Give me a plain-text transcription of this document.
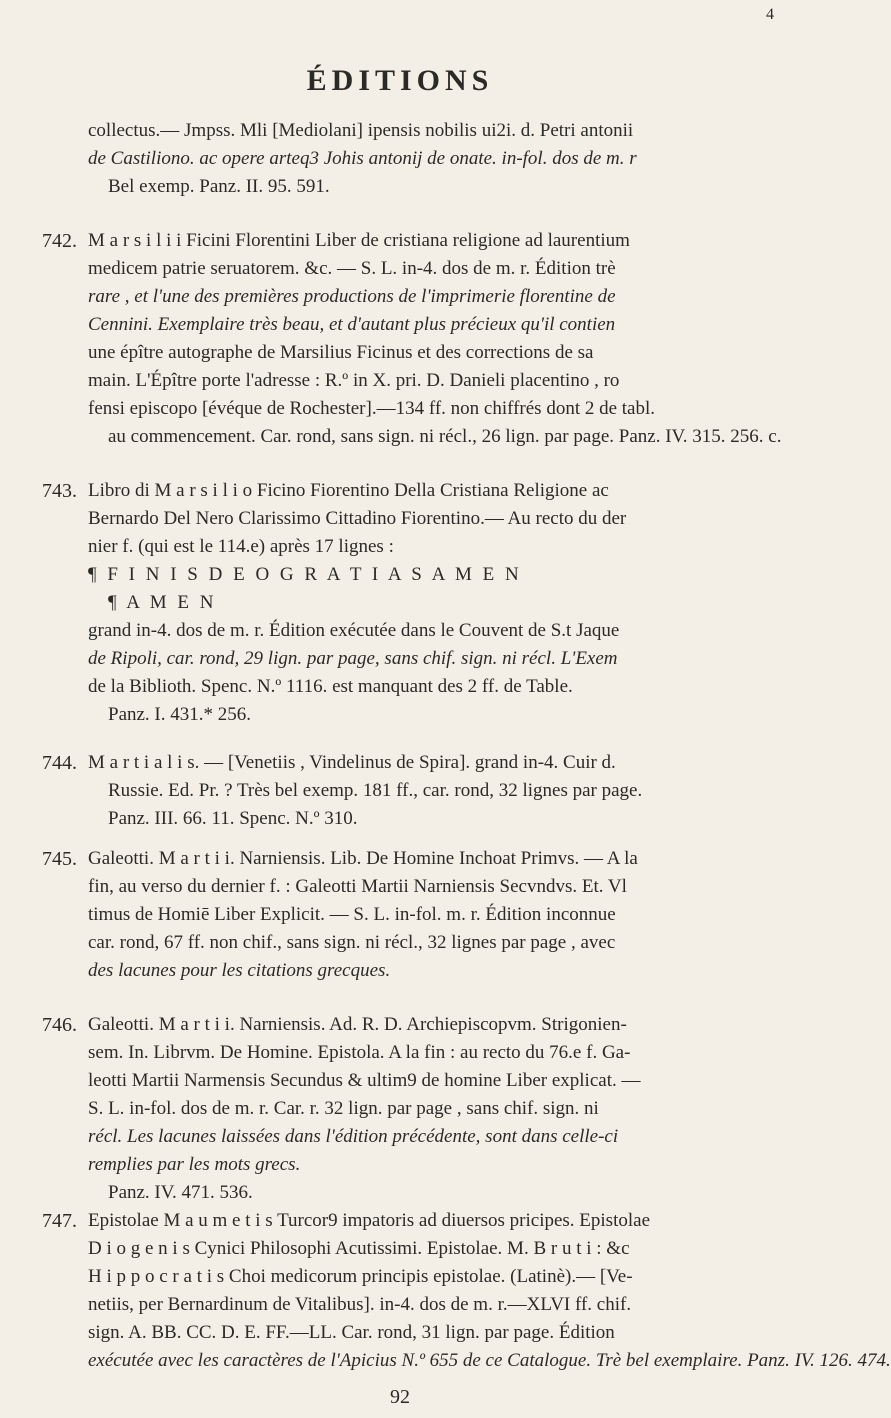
4
ÉDITIONS
collectus.— Jmpss. Mli [Mediolani] ipensis nobilis ui2i. d. Petri antonii
de Castiliono. ac opere arteq3 Johis antonij de onate. in-fol. dos de m. r
Bel exemp. Panz. II. 95. 591.
742. M a r s i l i i Ficini Florentini Liber de cristiana religione ad laurentium
medicem patrie seruatorem. &c. — S. L. in-4. dos de m. r. Édition trè
rare , et l'une des premières productions de l'imprimerie florentine de
Cennini. Exemplaire très beau, et d'autant plus précieux qu'il contien
une épître autographe de Marsilius Ficinus et des corrections de sa
main. L'Épître porte l'adresse : R.º in X. pri. D. Danieli placentino , ro
fensi episcopo [évéque de Rochester].—134 ff. non chiffrés dont 2 de tabl.
au commencement. Car. rond, sans sign. ni récl., 26 lign. par page. Panz. IV. 315. 256. c.
743. Libro di M a r s i l i o Ficino Fiorentino Della Cristiana Religione ac
Bernardo Del Nero Clarissimo Cittadino Fiorentino.— Au recto du der
nier f. (qui est le 114.e) après 17 lignes :
¶ F I N I S D E O G R A T I A S A M E N
¶ A M E N
grand in-4. dos de m. r. Édition exécutée dans le Couvent de S.t Jaque
de Ripoli, car. rond, 29 lign. par page, sans chif. sign. ni récl. L'Exem
de la Biblioth. Spenc. N.º 1116. est manquant des 2 ff. de Table.
Panz. I. 431.* 256.
744. M a r t i a l i s. — [Venetiis , Vindelinus de Spira]. grand in-4. Cuir d.
Russie. Ed. Pr. ? Très bel exemp. 181 ff., car. rond, 32 lignes par page.
Panz. III. 66. 11. Spenc. N.º 310.
745. Galeotti. M a r t i i. Narniensis. Lib. De Homine Inchoat Primvs. — A la
fin, au verso du dernier f. : Galeotti Martii Narniensis Secvndvs. Et. Vl
timus de Homiē Liber Explicit. — S. L. in-fol. m. r. Édition inconnue
car. rond, 67 ff. non chif., sans sign. ni récl., 32 lignes par page , avec
des lacunes pour les citations grecques.
746. Galeotti. M a r t i i. Narniensis. Ad. R. D. Archiepiscopvm. Strigonien-
sem. In. Librvm. De Homine. Epistola. A la fin : au recto du 76.e f. Ga-
leotti Martii Narmensis Secundus & ultim9 de homine Liber explicat. —
S. L. in-fol. dos de m. r. Car. r. 32 lign. par page , sans chif. sign. ni
récl. Les lacunes laissées dans l'édition précédente, sont dans celle-ci
remplies par les mots grecs.
Panz. IV. 471. 536.
747. Epistolae M a u m e t i s Turcor9 impatoris ad diuersos pricipes. Epistolae
D i o g e n i s Cynici Philosophi Acutissimi. Epistolae. M. B r u t i : &c
H i p p o c r a t i s Choi medicorum principis epistolae. (Latinè).— [Ve-
netiis, per Bernardinum de Vitalibus]. in-4. dos de m. r.—XLVI ff. chif.
sign. A. BB. CC. D. E. FF.—LL. Car. rond, 31 lign. par page. Édition
exécutée avec les caractères de l'Apicius N.º 655 de ce Catalogue. Trè bel exemplaire. Panz. IV. 126. 474.
92
